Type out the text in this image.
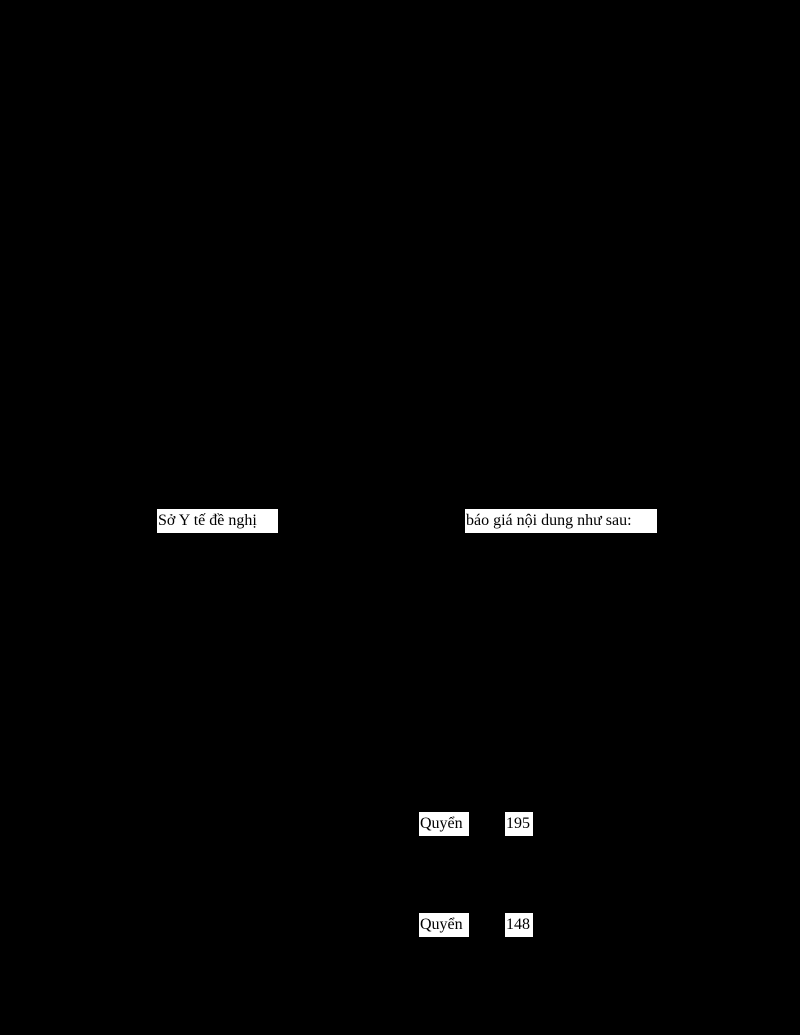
Sở Y tế đề nghị	báo giá nội dung như sau:
Quyển	195
Quyển	148
